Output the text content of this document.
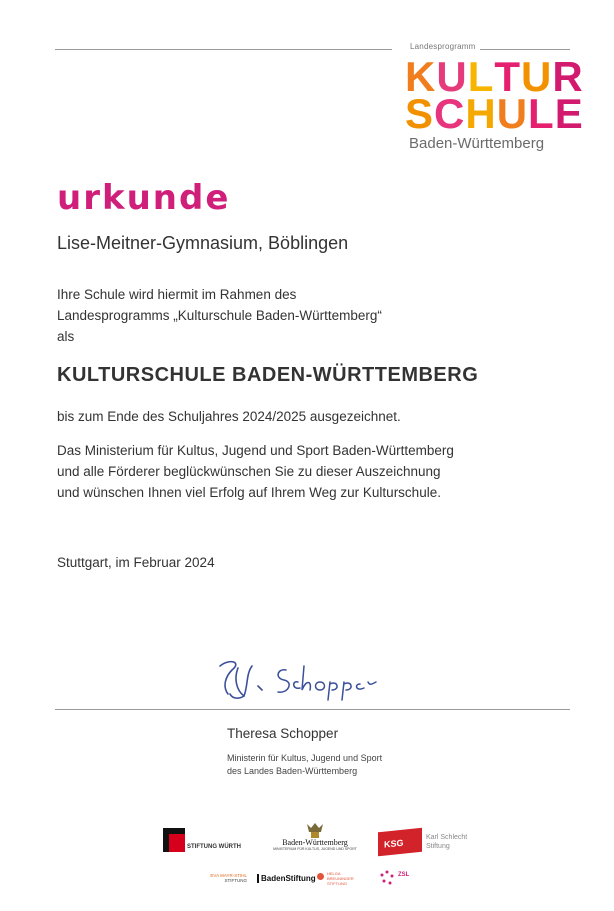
Landesprogramm
KULTUR
SCHULE
Baden-Württemberg
urkunde
Lise-Meitner-Gymnasium, Böblingen
Ihre Schule wird hiermit im Rahmen des
Landesprogramms „Kulturschule Baden-Württemberg“
als
KULTURSCHULE BADEN-WÜRTTEMBERG
bis zum Ende des Schuljahres 2024/2025 ausgezeichnet.
Das Ministerium für Kultus, Jugend und Sport Baden-Württemberg
und alle Förderer beglückwünschen Sie zu dieser Auszeichnung
und wünschen Ihnen viel Erfolg auf Ihrem Weg zur Kulturschule.
Stuttgart, im Februar 2024
Theresa Schopper
Ministerin für Kultus, Jugend und Sport
des Landes Baden-Württemberg
STIFTUNG WÜRTH	Baden-Württemberg
MINISTERIUM FÜR KULTUS, JUGEND UND SPORT	KSG
Karl Schlecht
Stiftung
EVA MAYR-STIHL
STIFTUNG	BadenStiftung
HELGA
BREUNINGER
STIFTUNG
ZSL
